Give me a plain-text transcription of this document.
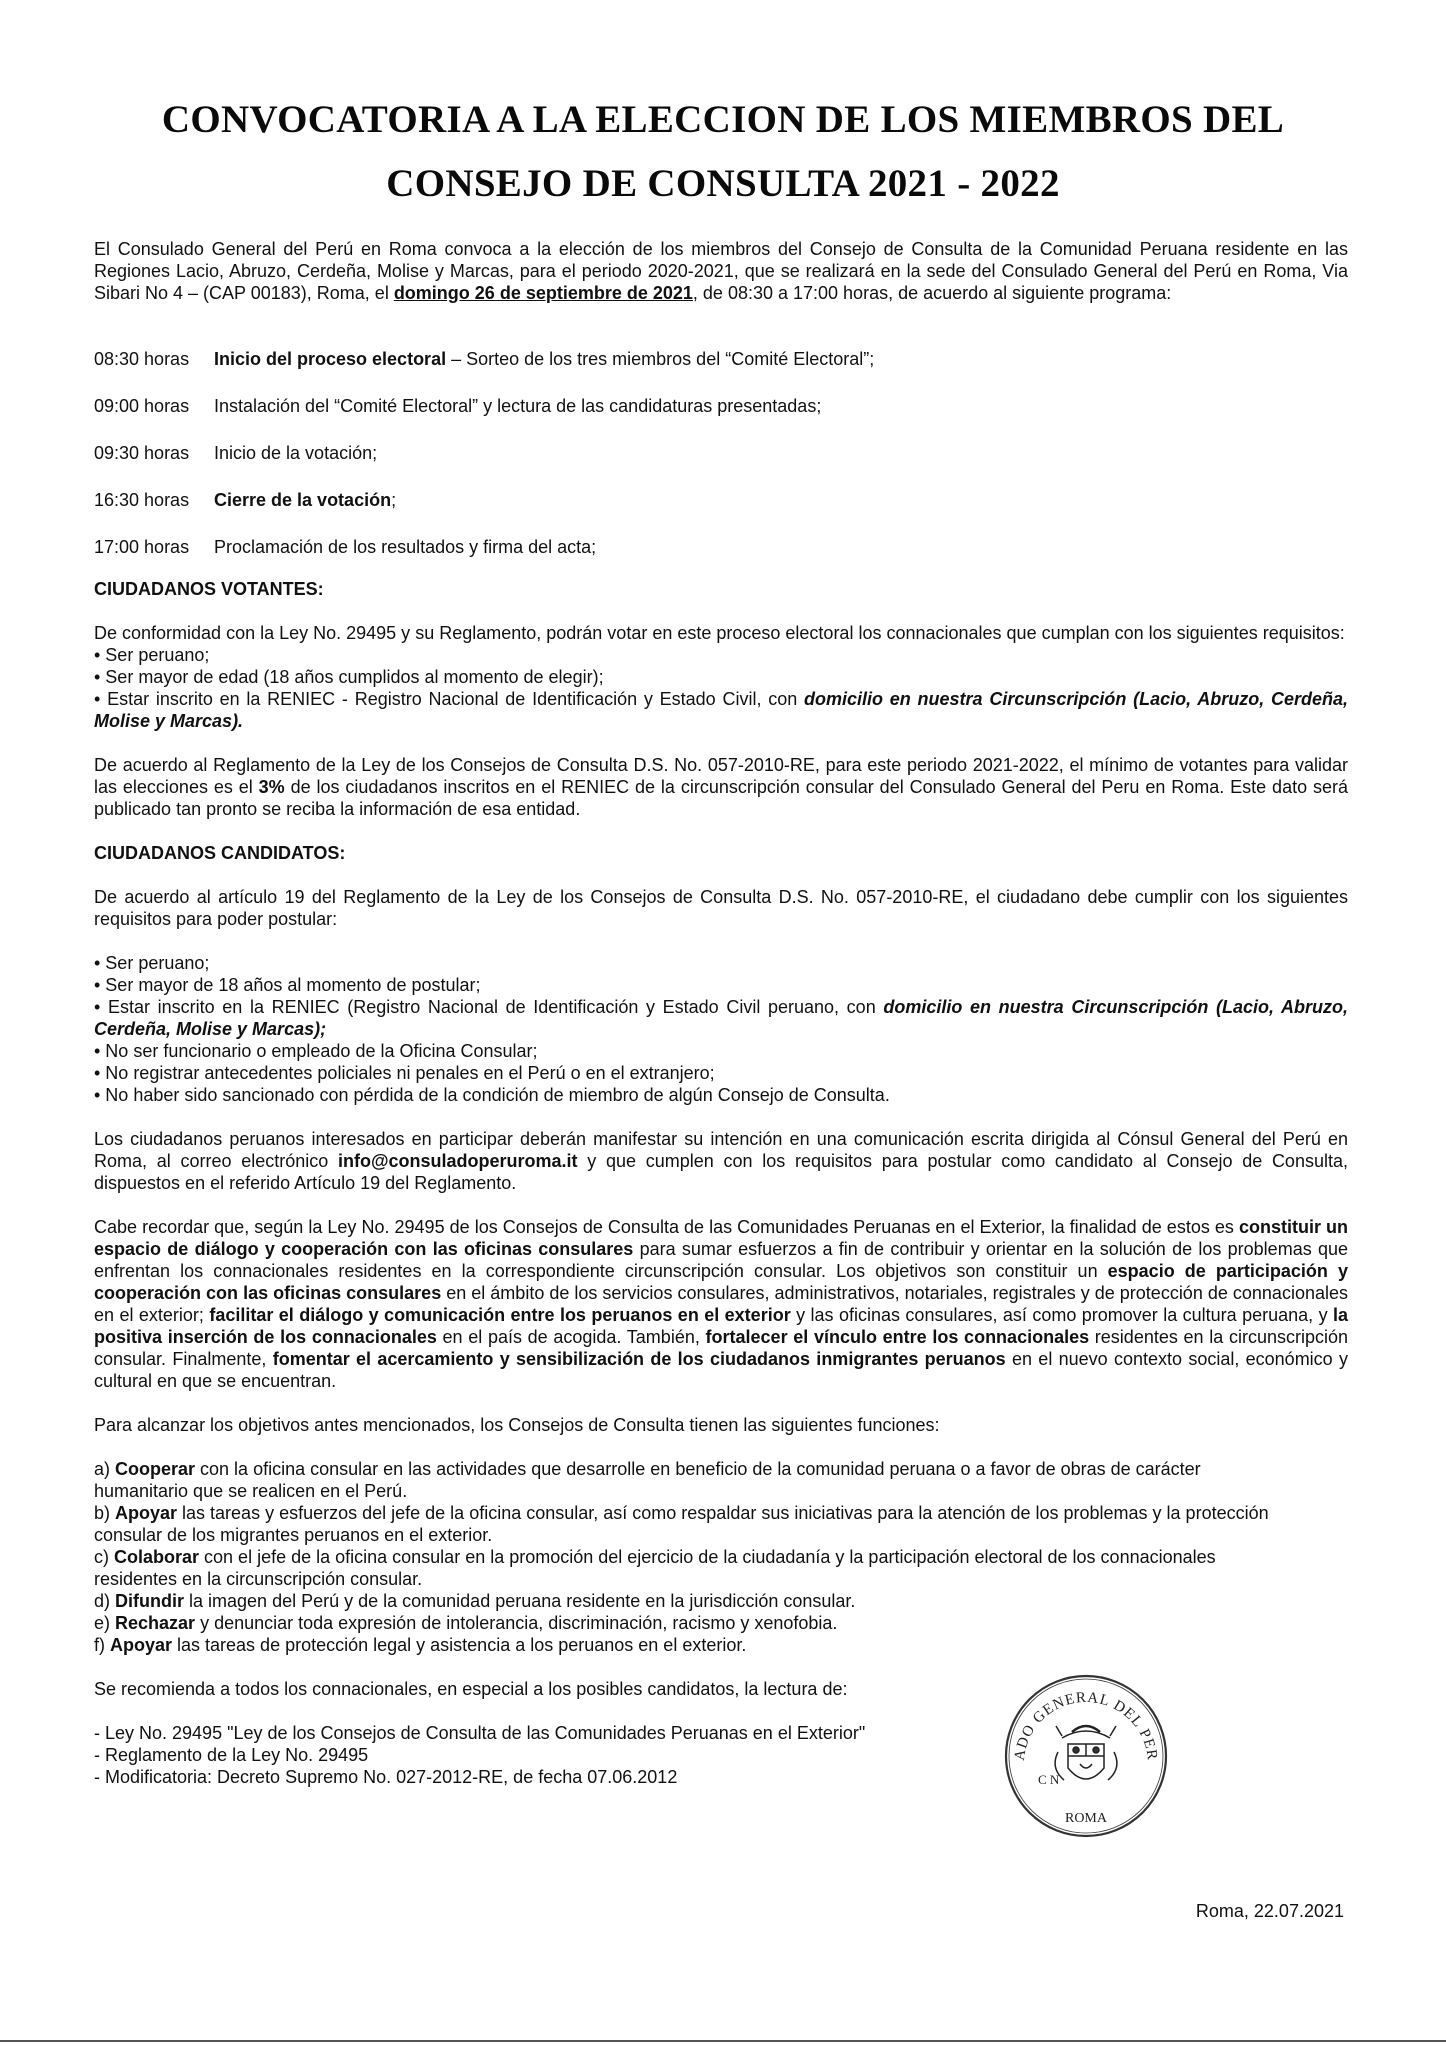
CONVOCATORIA A LA ELECCION DE LOS MIEMBROS DEL
CONSEJO DE CONSULTA 2021 - 2022

El Consulado General del Perú en Roma convoca a la elección de los miembros del Consejo de Consulta de la Comunidad Peruana residente en las Regiones Lacio, Abruzo, Cerdeña, Molise y Marcas, para el periodo 2020-2021, que se realizará en la sede del Consulado General del Perú en Roma, Via Sibari No 4 – (CAP 00183), Roma, el domingo 26 de septiembre de 2021, de 08:30 a 17:00 horas, de acuerdo al siguiente programa:

08:30 horas	Inicio del proceso electoral – Sorteo de los tres miembros del “Comité Electoral”;
09:00 horas	Instalación del “Comité Electoral” y lectura de las candidaturas presentadas;
09:30 horas	Inicio de la votación;
16:30 horas	Cierre de la votación;
17:00 horas	Proclamación de los resultados y firma del acta;

CIUDADANOS VOTANTES:

De conformidad con la Ley No. 29495 y su Reglamento, podrán votar en este proceso electoral los connacionales que cumplan con los siguientes requisitos:

• Ser peruano;
• Ser mayor de edad (18 años cumplidos al momento de elegir);

• Estar inscrito en la RENIEC - Registro Nacional de Identificación y Estado Civil, con domicilio en nuestra Circunscripción (Lacio, Abruzo, Cerdeña, Molise y Marcas).

De acuerdo al Reglamento de la Ley de los Consejos de Consulta D.S. No. 057-2010-RE, para este periodo 2021-2022, el mínimo de votantes para validar las elecciones es el 3% de los ciudadanos inscritos en el RENIEC de la circunscripción consular del Consulado General del Peru en Roma. Este dato será publicado tan pronto se reciba la información de esa entidad.

CIUDADANOS CANDIDATOS:

De acuerdo al artículo 19 del Reglamento de la Ley de los Consejos de Consulta D.S. No. 057-2010-RE, el ciudadano debe cumplir con los siguientes requisitos para poder postular:

• Ser peruano;
• Ser mayor de 18 años al momento de postular;

• Estar inscrito en la RENIEC (Registro Nacional de Identificación y Estado Civil peruano, con domicilio en nuestra Circunscripción (Lacio, Abruzo, Cerdeña, Molise y Marcas);

• No ser funcionario o empleado de la Oficina Consular;
• No registrar antecedentes policiales ni penales en el Perú o en el extranjero;
• No haber sido sancionado con pérdida de la condición de miembro de algún Consejo de Consulta.

Los ciudadanos peruanos interesados en participar deberán manifestar su intención en una comunicación escrita dirigida al Cónsul General del Perú en Roma, al correo electrónico info@consuladoperuroma.it y que cumplen con los requisitos para postular como candidato al Consejo de Consulta, dispuestos en el referido Artículo 19 del Reglamento.

Cabe recordar que, según la Ley No. 29495 de los Consejos de Consulta de las Comunidades Peruanas en el Exterior, la finalidad de estos es constituir un espacio de diálogo y cooperación con las oficinas consulares para sumar esfuerzos a fin de contribuir y orientar en la solución de los problemas que enfrentan los connacionales residentes en la correspondiente circunscripción consular. Los objetivos son constituir un espacio de participación y cooperación con las oficinas consulares en el ámbito de los servicios consulares, administrativos, notariales, registrales y de protección de connacionales en el exterior; facilitar el diálogo y comunicación entre los peruanos en el exterior y las oficinas consulares, así como promover la cultura peruana, y la positiva inserción de los connacionales en el país de acogida. También, fortalecer el vínculo entre los connacionales residentes en la circunscripción consular. Finalmente, fomentar el acercamiento y sensibilización de los ciudadanos inmigrantes peruanos en el nuevo contexto social, económico y cultural en que se encuentran.

Para alcanzar los objetivos antes mencionados, los Consejos de Consulta tienen las siguientes funciones:

a) Cooperar con la oficina consular en las actividades que desarrolle en beneficio de la comunidad peruana o a favor de obras de carácter humanitario que se realicen en el Perú.

b) Apoyar las tareas y esfuerzos del jefe de la oficina consular, así como respaldar sus iniciativas para la atención de los problemas y la protección consular de los migrantes peruanos en el exterior.

c) Colaborar con el jefe de la oficina consular en la promoción del ejercicio de la ciudadanía y la participación electoral de los connacionales residentes en la circunscripción consular.

d) Difundir la imagen del Perú y de la comunidad peruana residente en la jurisdicción consular.

e) Rechazar y denunciar toda expresión de intolerancia, discriminación, racismo y xenofobia.

f) Apoyar las tareas de protección legal y asistencia a los peruanos en el exterior.

Se recomienda a todos los connacionales, en especial a los posibles candidatos, la lectura de:

- Ley No. 29495 "Ley de los Consejos de Consulta de las Comunidades Peruanas en el Exterior"
- Reglamento de la Ley No. 29495
- Modificatoria: Decreto Supremo No. 027-2012-RE, de fecha 07.06.2012
ADO GENERAL DEL PER
ROMA
C N
Roma, 22.07.2021
